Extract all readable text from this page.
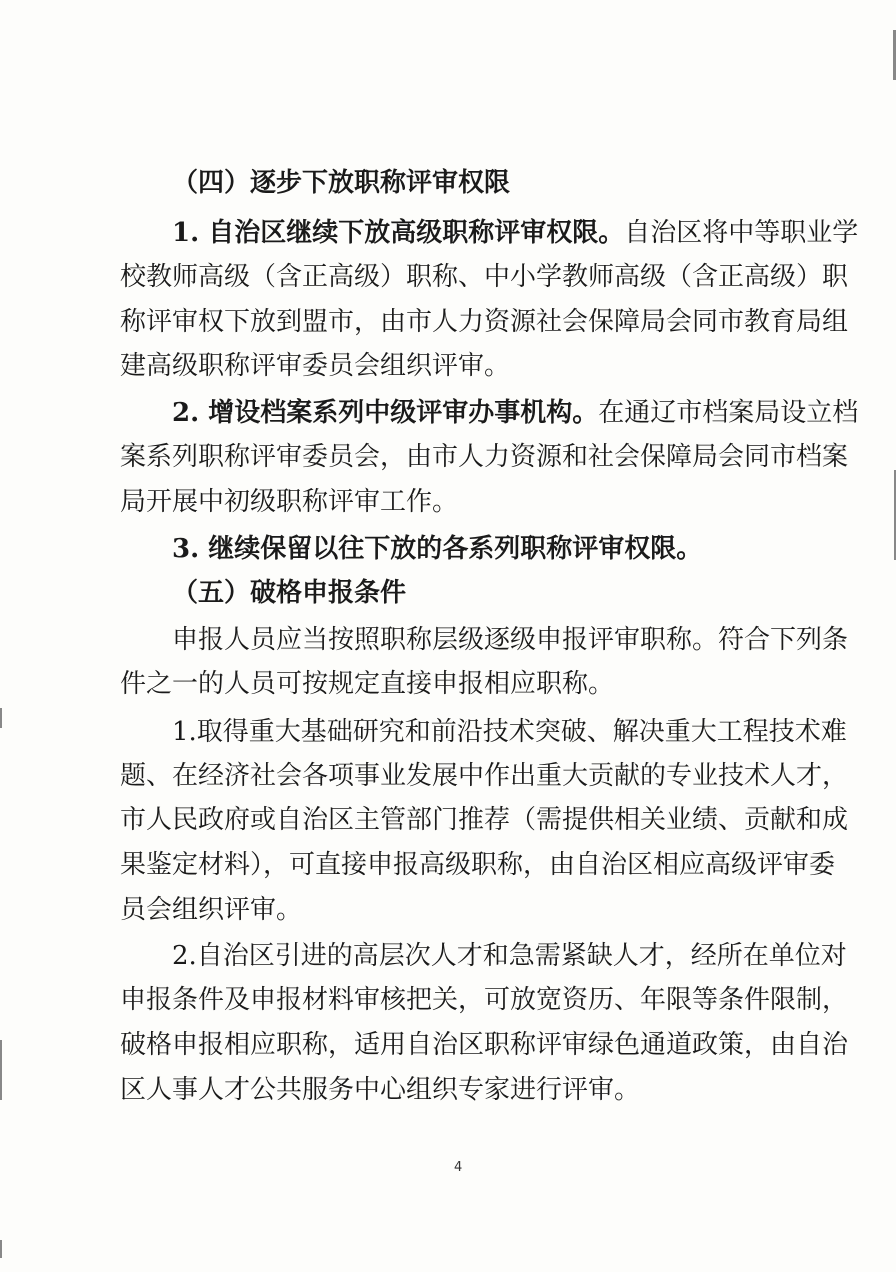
（四）逐步下放职称评审权限
1. 自治区继续下放高级职称评审权限。自治区将中等职业学
校教师高级（含正高级）职称、中小学教师高级（含正高级）职
称评审权下放到盟市，由市人力资源社会保障局会同市教育局组
建高级职称评审委员会组织评审。
2. 增设档案系列中级评审办事机构。在通辽市档案局设立档
案系列职称评审委员会，由市人力资源和社会保障局会同市档案
局开展中初级职称评审工作。
3. 继续保留以往下放的各系列职称评审权限。
（五）破格申报条件
申报人员应当按照职称层级逐级申报评审职称。符合下列条
件之一的人员可按规定直接申报相应职称。
1.取得重大基础研究和前沿技术突破、解决重大工程技术难
题、在经济社会各项事业发展中作出重大贡献的专业技术人才，
市人民政府或自治区主管部门推荐（需提供相关业绩、贡献和成
果鉴定材料），可直接申报高级职称，由自治区相应高级评审委
员会组织评审。
2.自治区引进的高层次人才和急需紧缺人才，经所在单位对
申报条件及申报材料审核把关，可放宽资历、年限等条件限制，
破格申报相应职称，适用自治区职称评审绿色通道政策，由自治
区人事人才公共服务中心组织专家进行评审。
4
